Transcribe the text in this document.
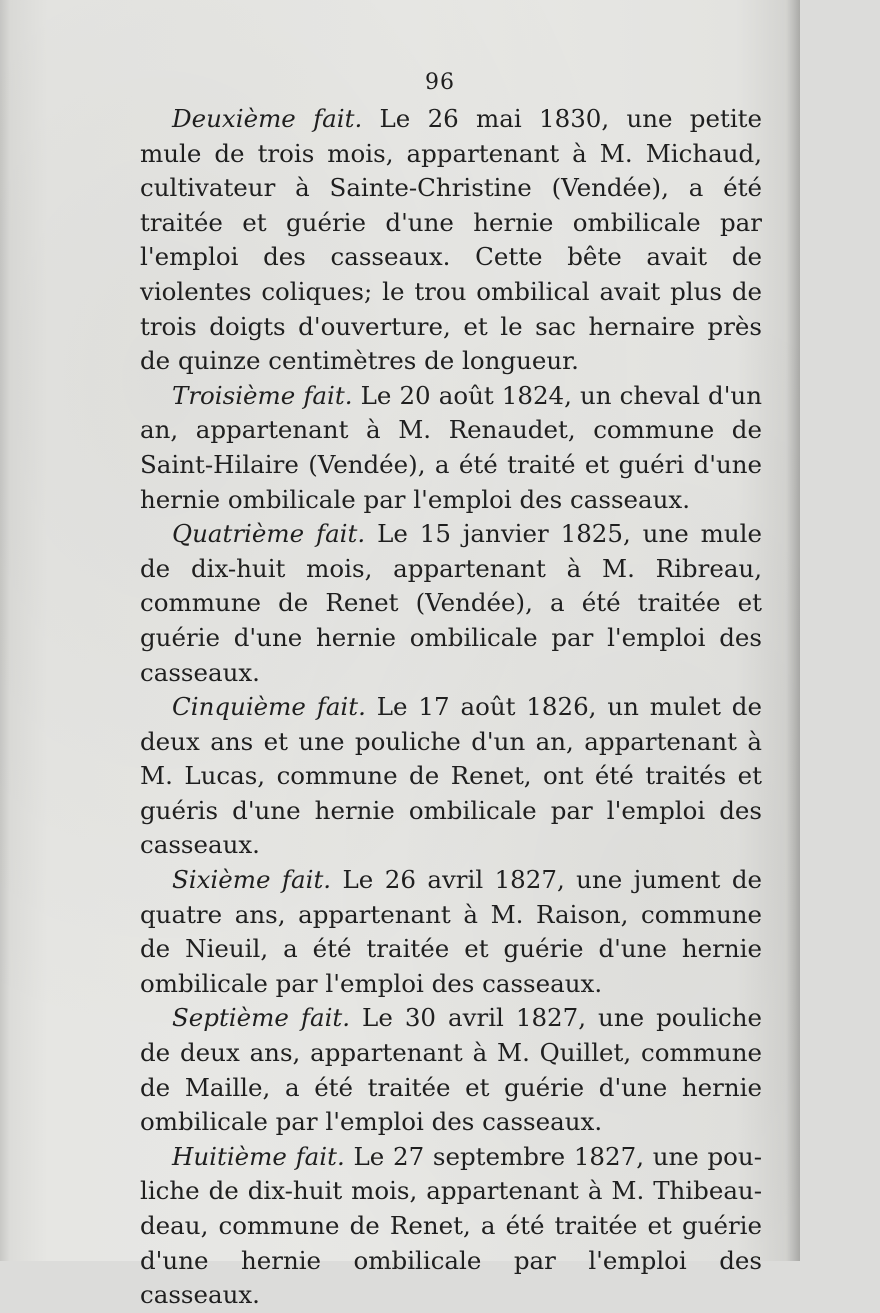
96

Deuxième fait. Le 26 mai 1830, une petite mule de trois mois, appartenant à M. Michaud, cultivateur à Sainte-Christine (Vendée), a été traitée et guérie d'une hernie ombilicale par l'emploi des casseaux. Cette bête avait de violentes coliques; le trou ombilical avait plus de trois doigts d'ouverture, et le sac hernaire près de quinze centimètres de longueur.

Troisième fait. Le 20 août 1824, un cheval d'un an, appartenant à M. Renaudet, commune de Saint-Hilaire (Vendée), a été traité et guéri d'une hernie ombilicale par l'emploi des casseaux.

Quatrième fait. Le 15 janvier 1825, une mule de dix-huit mois, appartenant à M. Ribreau, commune de Renet (Vendée), a été traitée et guérie d'une hernie ombilicale par l'emploi des casseaux.

Cinquième fait. Le 17 août 1826, un mulet de deux ans et une pouliche d'un an, appartenant à M. Lucas, commune de Renet, ont été traités et guéris d'une hernie ombilicale par l'emploi des casseaux.

Sixième fait. Le 26 avril 1827, une jument de quatre ans, appartenant à M. Raison, commune de Nieuil, a été traitée et guérie d'une hernie ombilicale par l'emploi des casseaux.

Septième fait. Le 30 avril 1827, une pouliche de deux ans, appartenant à M. Quillet, commune de Maille, a été traitée et guérie d'une hernie ombilicale par l'emploi des casseaux.

Huitième fait. Le 27 septembre 1827, une pouliche de dix-huit mois, appartenant à M. Thibeaudeau, commune de Renet, a été traitée et guérie d'une hernie ombilicale par l'emploi des casseaux.
